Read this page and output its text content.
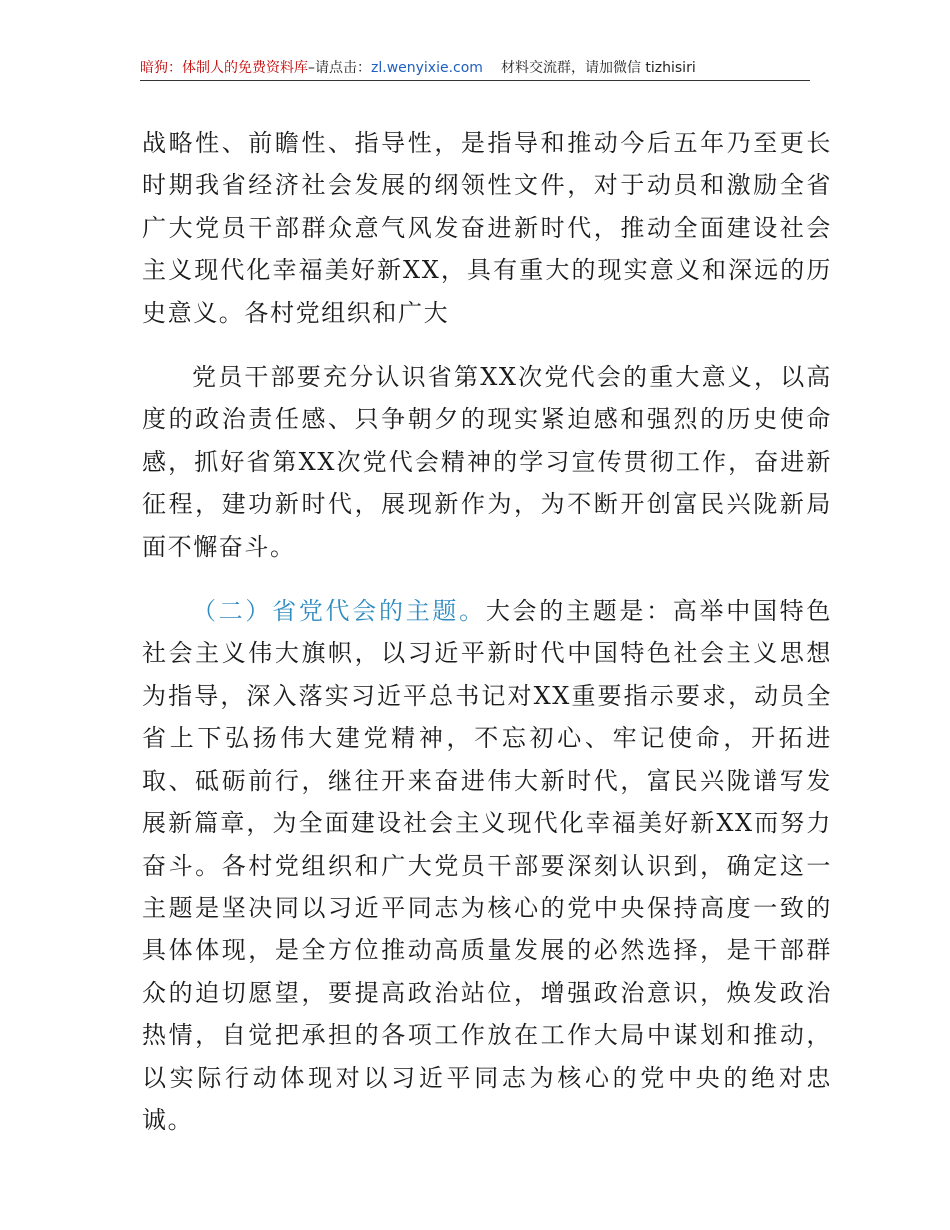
暗狗：体制人的免费资料库–请点击：zl.wenyixie.com 材料交流群，请加微信 tizhisiri

战略性、前瞻性、指导性，是指导和推动今后五年乃至更长时期我省经济社会发展的纲领性文件，对于动员和激励全省广大党员干部群众意气风发奋进新时代，推动全面建设社会主义现代化幸福美好新XX，具有重大的现实意义和深远的历史意义。各村党组织和广大

党员干部要充分认识省第XX次党代会的重大意义，以高度的政治责任感、只争朝夕的现实紧迫感和强烈的历史使命感，抓好省第XX次党代会精神的学习宣传贯彻工作，奋进新征程，建功新时代，展现新作为，为不断开创富民兴陇新局面不懈奋斗。

（二）省党代会的主题。大会的主题是：高举中国特色社会主义伟大旗帜，以习近平新时代中国特色社会主义思想为指导，深入落实习近平总书记对XX重要指示要求，动员全省上下弘扬伟大建党精神，不忘初心、牢记使命，开拓进取、砥砺前行，继往开来奋进伟大新时代，富民兴陇谱写发展新篇章，为全面建设社会主义现代化幸福美好新XX而努力奋斗。各村党组织和广大党员干部要深刻认识到，确定这一主题是坚决同以习近平同志为核心的党中央保持高度一致的具体体现，是全方位推动高质量发展的必然选择，是干部群众的迫切愿望，要提高政治站位，增强政治意识，焕发政治热情，自觉把承担的各项工作放在工作大局中谋划和推动，以实际行动体现对以习近平同志为核心的党中央的绝对忠诚。
